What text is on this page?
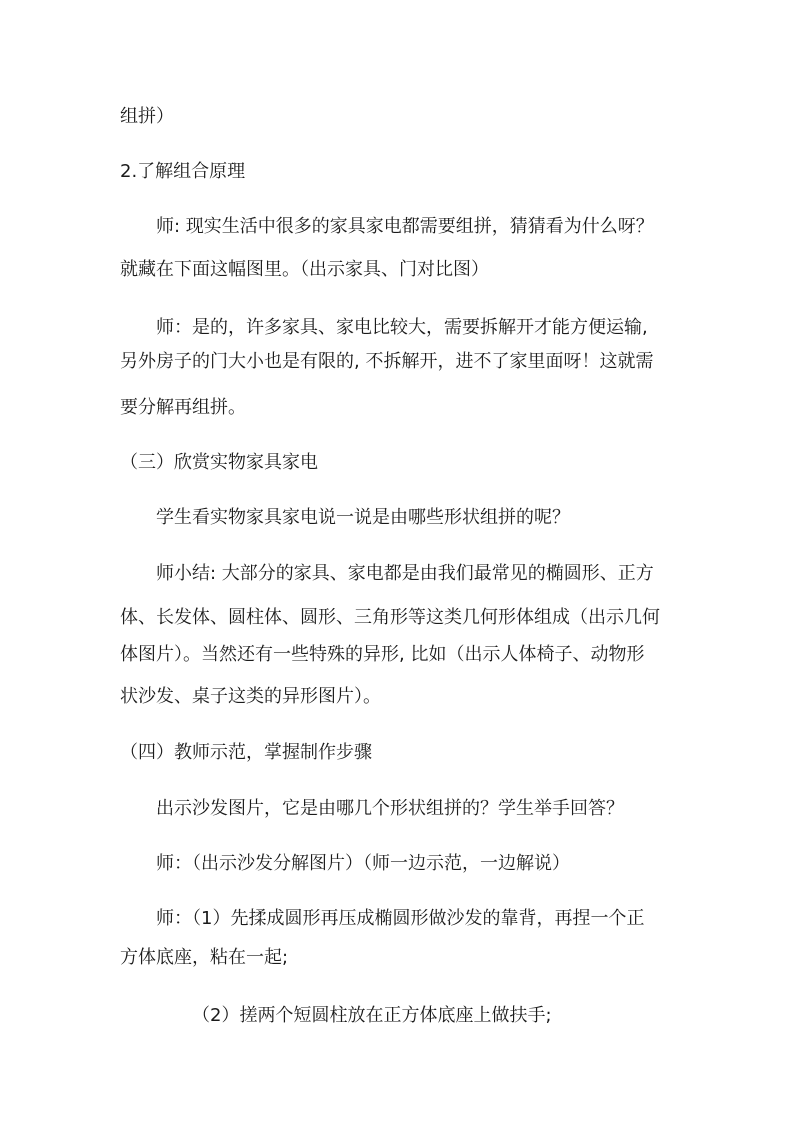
组拼）
2.了解组合原理
师: 现实生活中很多的家具家电都需要组拼，猜猜看为什么呀？
就藏在下面这幅图里。（出示家具、门对比图）
师：是的，许多家具、家电比较大，需要拆解开才能方便运输,
另外房子的门大小也是有限的, 不拆解开，进不了家里面呀！这就需
要分解再组拼。
（三）欣赏实物家具家电
学生看实物家具家电说一说是由哪些形状组拼的呢？
师小结: 大部分的家具、家电都是由我们最常见的椭圆形、正方
体、长发体、圆柱体、圆形、三角形等这类几何形体组成（出示几何
体图片）。当然还有一些特殊的异形, 比如（出示人体椅子、动物形
状沙发、桌子这类的异形图片）。
（四）教师示范，掌握制作步骤
出示沙发图片，它是由哪几个形状组拼的？学生举手回答？
师：（出示沙发分解图片）（师一边示范，一边解说）
师：（1）先揉成圆形再压成椭圆形做沙发的靠背，再捏一个正
方体底座，粘在一起;
（2）搓两个短圆柱放在正方体底座上做扶手;
